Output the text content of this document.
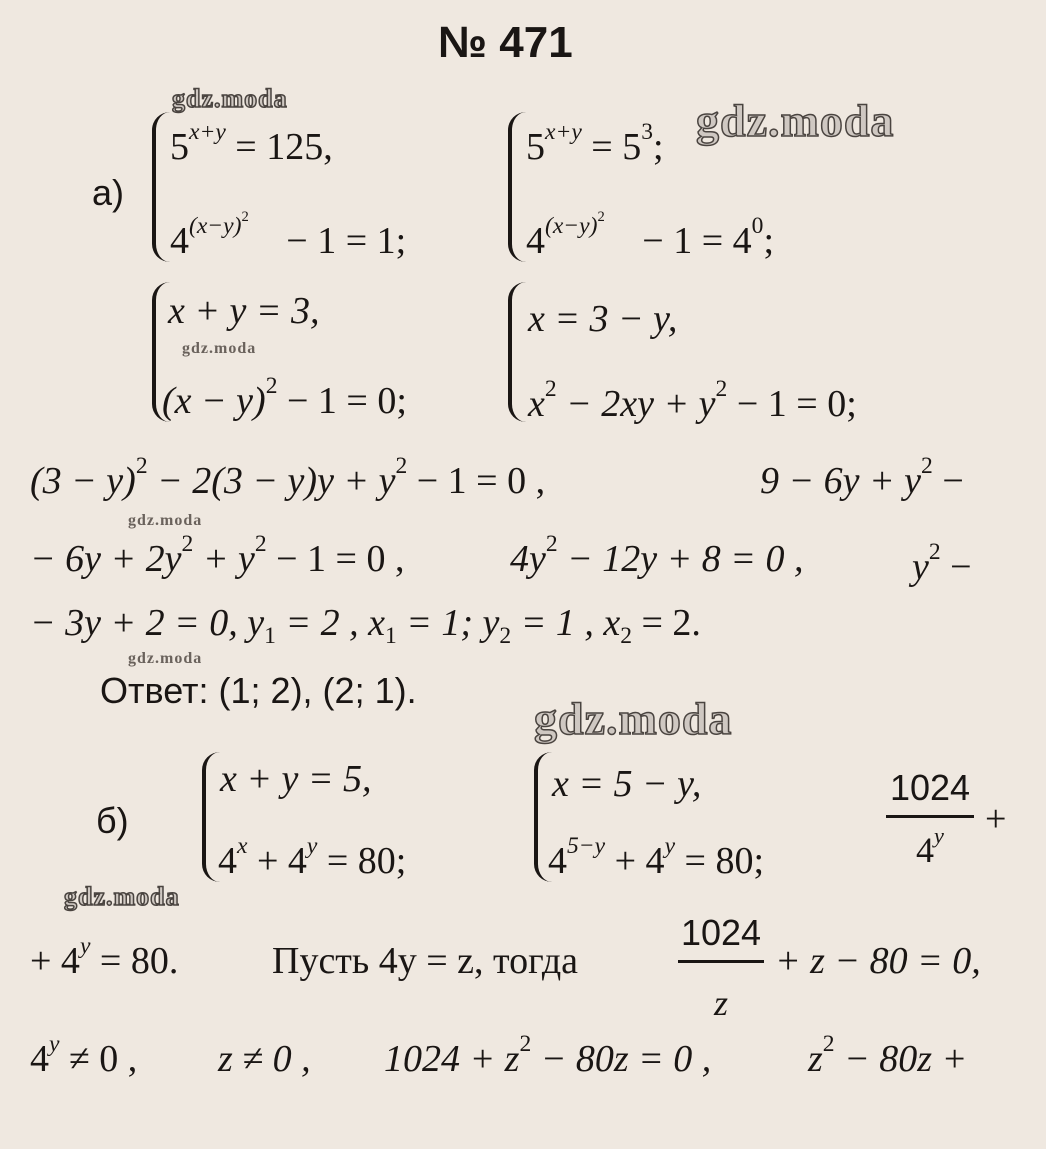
№ 471
а)
$5^{x+y} = 125$,
$4^{(x-y)^2} - 1 = 1$;
$5^{x+y} = 5^3$;
$4^{(x-y)^2} - 1 = 4^0$;
x + y = 3,
$(x - y)^2 - 1 = 0$;
x = 3 − y,
$x^2 - 2xy + y^2 - 1 = 0$;
$(3 - y)^2 - 2(3 - y)y + y^2 - 1 = 0$ ,	$9 - 6y + y^2$ −
− $6y + 2y^2 + y^2 - 1 = 0$ ,	$4y^2 - 12y + 8 = 0$ ,	$y^2$ −
− 3y + 2 = 0, $y_1 = 2$ , $x_1 = 1$; $y_2 = 1$ , $x_2 = 2$.
Ответ: (1; 2), (2; 1).
б)
x + y = 5,
$4^x + 4^y = 80$;
x = 5 − y,
$4^{5-y} + 4^y = 80$;
1024
$4^y$	+
+ $4^y = 80$. Пусть 4y = z, тогда
1024
z
+ z − 80 = 0,
$4^y \ne 0$ , z ≠ 0 , $1024 + z^2 - 80z = 0$ ,	$z^2 - 80z$ +
gdz.moda	gdz.moda
gdz.moda
gdz.moda
gdz.moda
gdz.moda
gdz.moda
